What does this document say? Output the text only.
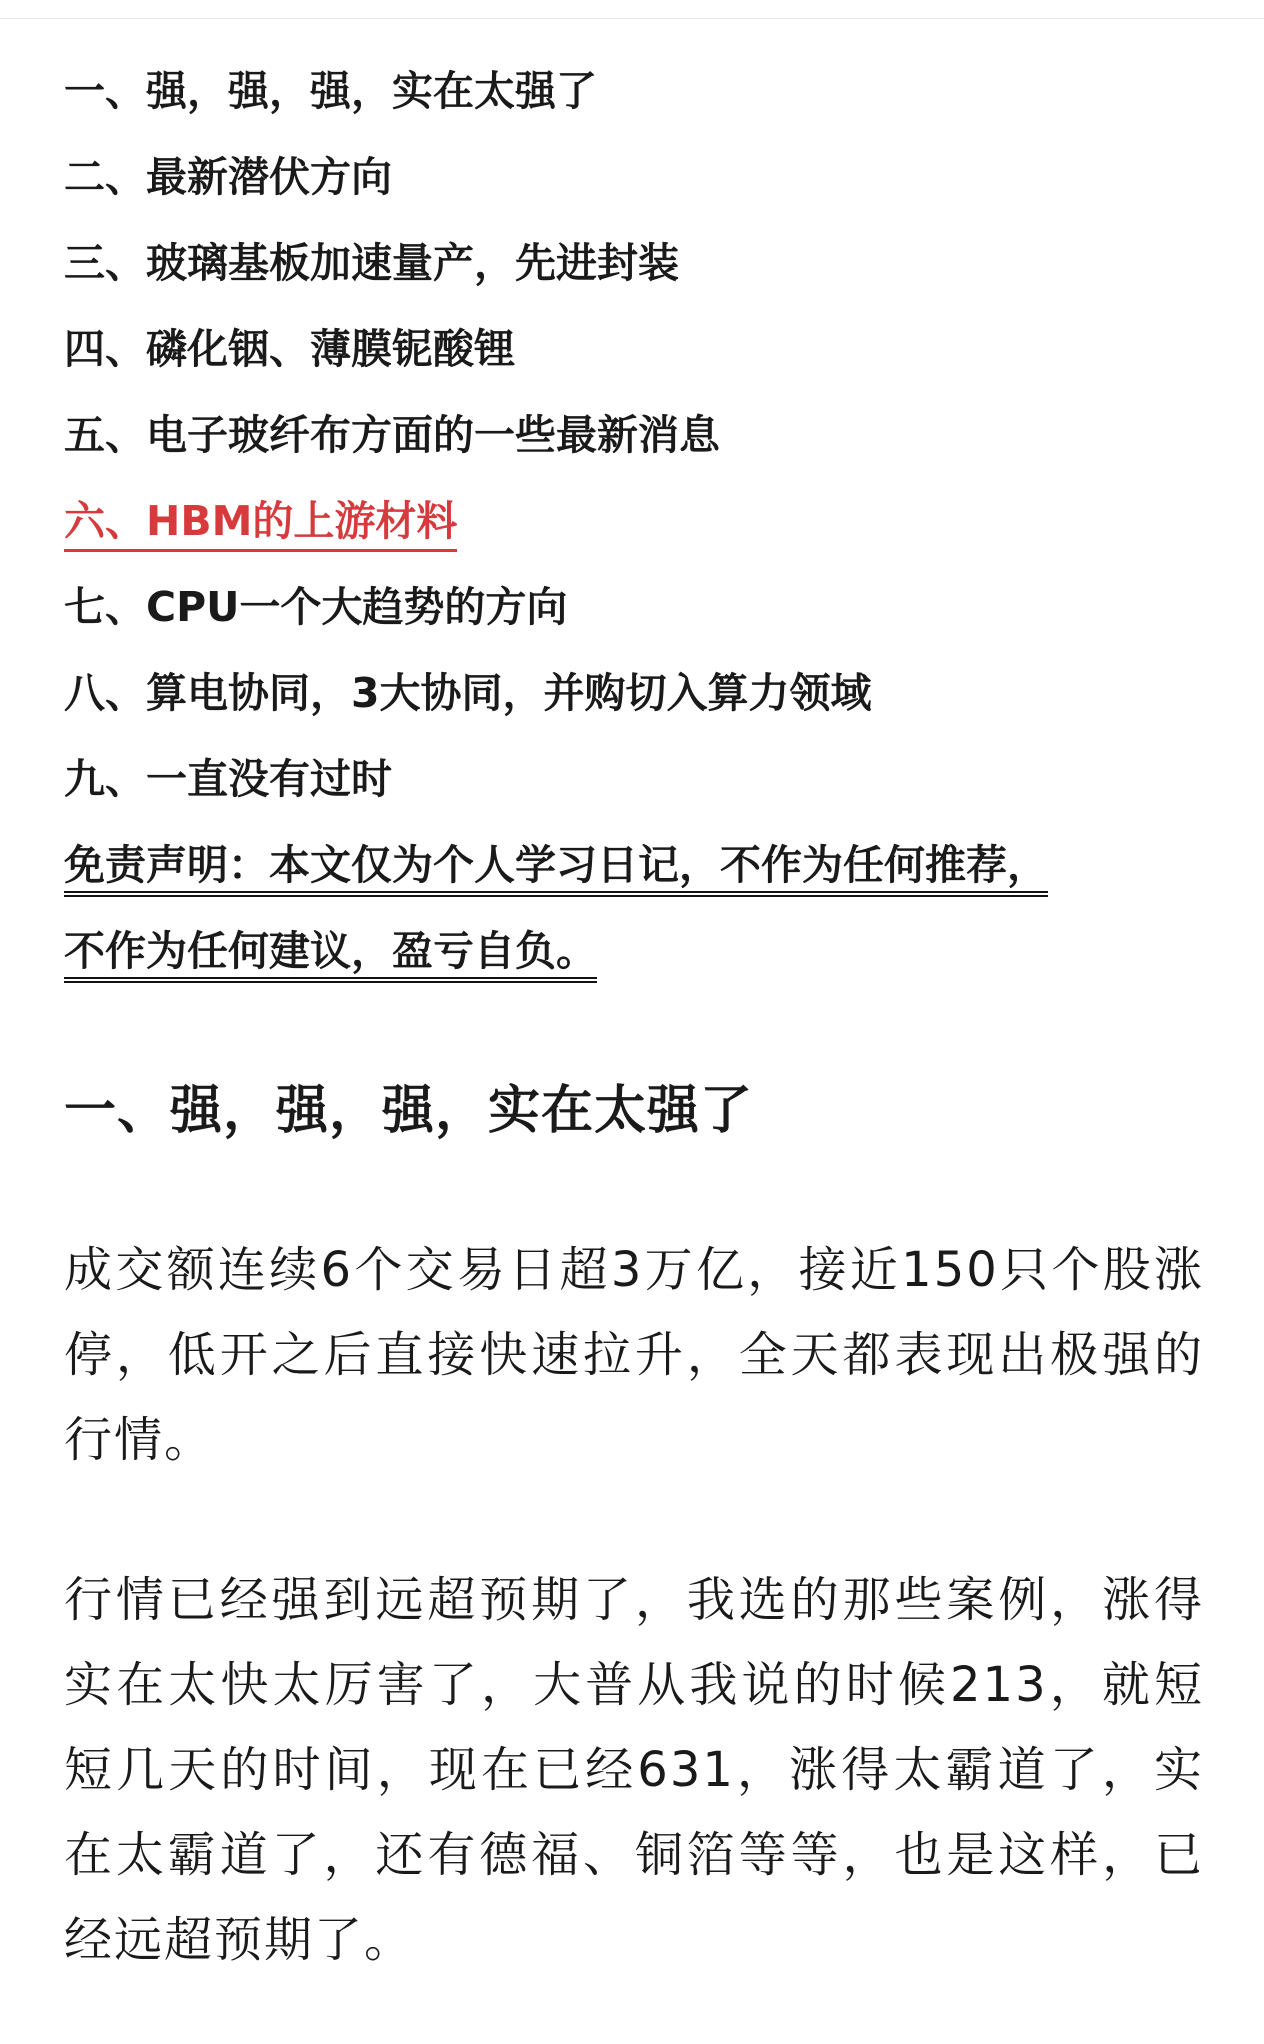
一、强，强，强，实在太强了
二、最新潜伏方向
三、玻璃基板加速量产，先进封装
四、磷化铟、薄膜铌酸锂
五、电子玻纤布方面的一些最新消息
六、HBM的上游材料
七、CPU一个大趋势的方向
八、算电协同，3大协同，并购切入算力领域
九、一直没有过时
免责声明：本文仅为个人学习日记，不作为任何推荐，
不作为任何建议，盈亏自负。
一、强，强，强，实在太强了

成交额连续6个交易日超3万亿，接近150只个股涨停，低开之后直接快速拉升，全天都表现出极强的行情。

行情已经强到远超预期了，我选的那些案例，涨得实在太快太厉害了，大普从我说的时候213，就短短几天的时间，现在已经631，涨得太霸道了，实在太霸道了，还有德福、铜箔等等，也是这样，已经远超预期了。
